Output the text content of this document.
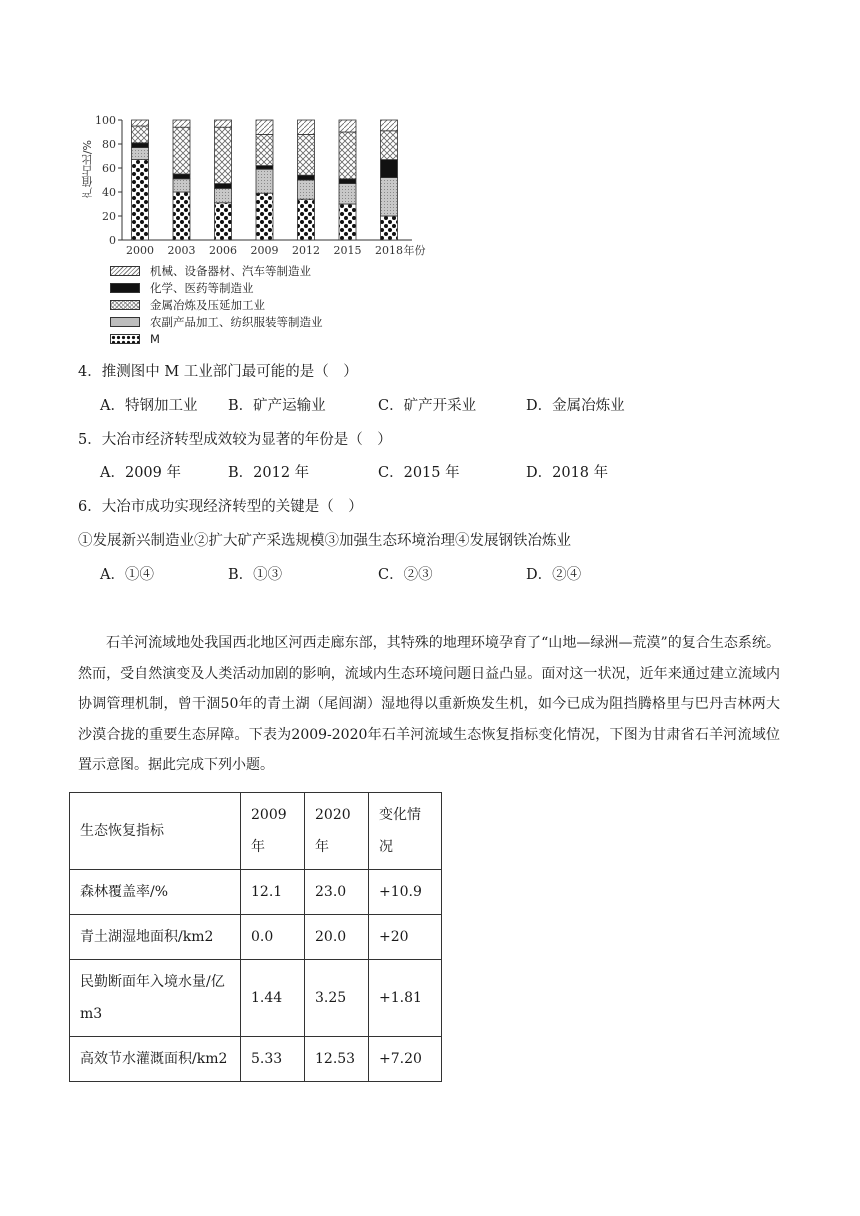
0
20
40
60
80
100
2000 2003 2006 2009 2012 2015 2018 年份
产值占比/%
机械、设备器材、汽车等制造业
化学、医药等制造业
金属冶炼及压延加工业
农副产品加工、纺织服装等制造业
M
4．推测图中 M 工业部门最可能的是（　）
A．特钢加工业 B．矿产运输业	C．矿产开采业	D．金属冶炼业
5．大冶市经济转型成效较为显著的年份是（　）
A．2009 年	B．2012 年	C．2015 年	D．2018 年
6．大冶市成功实现经济转型的关键是（　）
①发展新兴制造业②扩大矿产采选规模③加强生态环境治理④发展钢铁冶炼业
A．①④	B．①③	C．②③	D．②④
石羊河流域地处我国西北地区河西走廊东部，其特殊的地理环境孕育了“山地—绿洲—荒漠”的复合生态系统。然而，受自然演变及人类活动加剧的影响，流域内生态环境问题日益凸显。面对这一状况，近年来通过建立流域内协调管理机制，曾干涸50年的青土湖（尾闾湖）湿地得以重新焕发生机，如今已成为阻挡腾格里与巴丹吉林两大沙漠合拢的重要生态屏障。下表为2009-2020年石羊河流域生态恢复指标变化情况，下图为甘肃省石羊河流域位置示意图。据此完成下列小题。
生态恢复指标	2009年	2020年	变化情况
森林覆盖率/%	12.1	23.0	+10.9
青土湖湿地面积/km2	0.0	20.0	+20
民勤断面年入境水量/亿 m3	1.44	3.25	+1.81
高效节水灌溉面积/km2	5.33	12.53	+7.20
